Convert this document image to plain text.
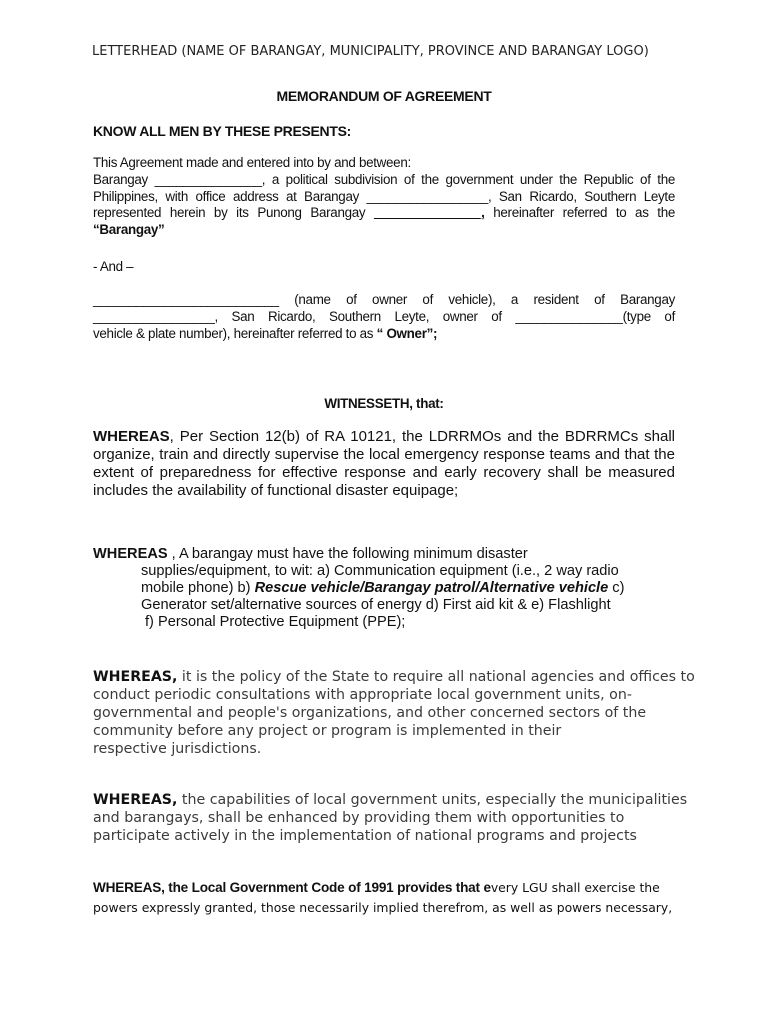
LETTERHEAD (NAME OF BARANGAY, MUNICIPALITY, PROVINCE AND BARANGAY LOGO)
MEMORANDUM OF AGREEMENT
KNOW ALL MEN BY THESE PRESENTS:
This Agreement made and entered into by and between:
Barangay _______________, a political subdivision of the government under the Republic of the
Philippines, with office address at Barangay _________________, San Ricardo, Southern Leyte
represented herein by its Punong Barangay _______________, hereinafter referred to as the
“Barangay”
- And –
__________________________ (name of owner of vehicle), a resident of Barangay
_________________, San Ricardo, Southern Leyte, owner of _______________(type of
vehicle & plate number), hereinafter referred to as “ Owner”;
WITNESSETH, that:
WHEREAS, Per Section 12(b) of RA 10121, the LDRRMOs and the BDRRMCs shall organize, train and directly supervise the local emergency response teams and that the extent of preparedness for effective response and early recovery shall be measured includes the availability of functional disaster equipage;
WHEREAS , A barangay must have the following minimum disaster
supplies/equipment, to wit: a) Communication equipment (i.e., 2 way radio
mobile phone) b) Rescue vehicle/Barangay patrol/Alternative vehicle c)
Generator set/alternative sources of energy d) First aid kit & e) Flashlight
f) Personal Protective Equipment (PPE);
WHEREAS, it is the policy of the State to require all national agencies and offices to
conduct periodic consultations with appropriate local government units, on-
governmental and people's organizations, and other concerned sectors of the
community before any project or program is implemented in their
respective jurisdictions.
WHEREAS, the capabilities of local government units, especially the municipalities
and barangays, shall be enhanced by providing them with opportunities to
participate actively in the implementation of national programs and projects
WHEREAS, the Local Government Code of 1991 provides that every LGU shall exercise the
powers expressly granted, those necessarily implied therefrom, as well as powers necessary,
